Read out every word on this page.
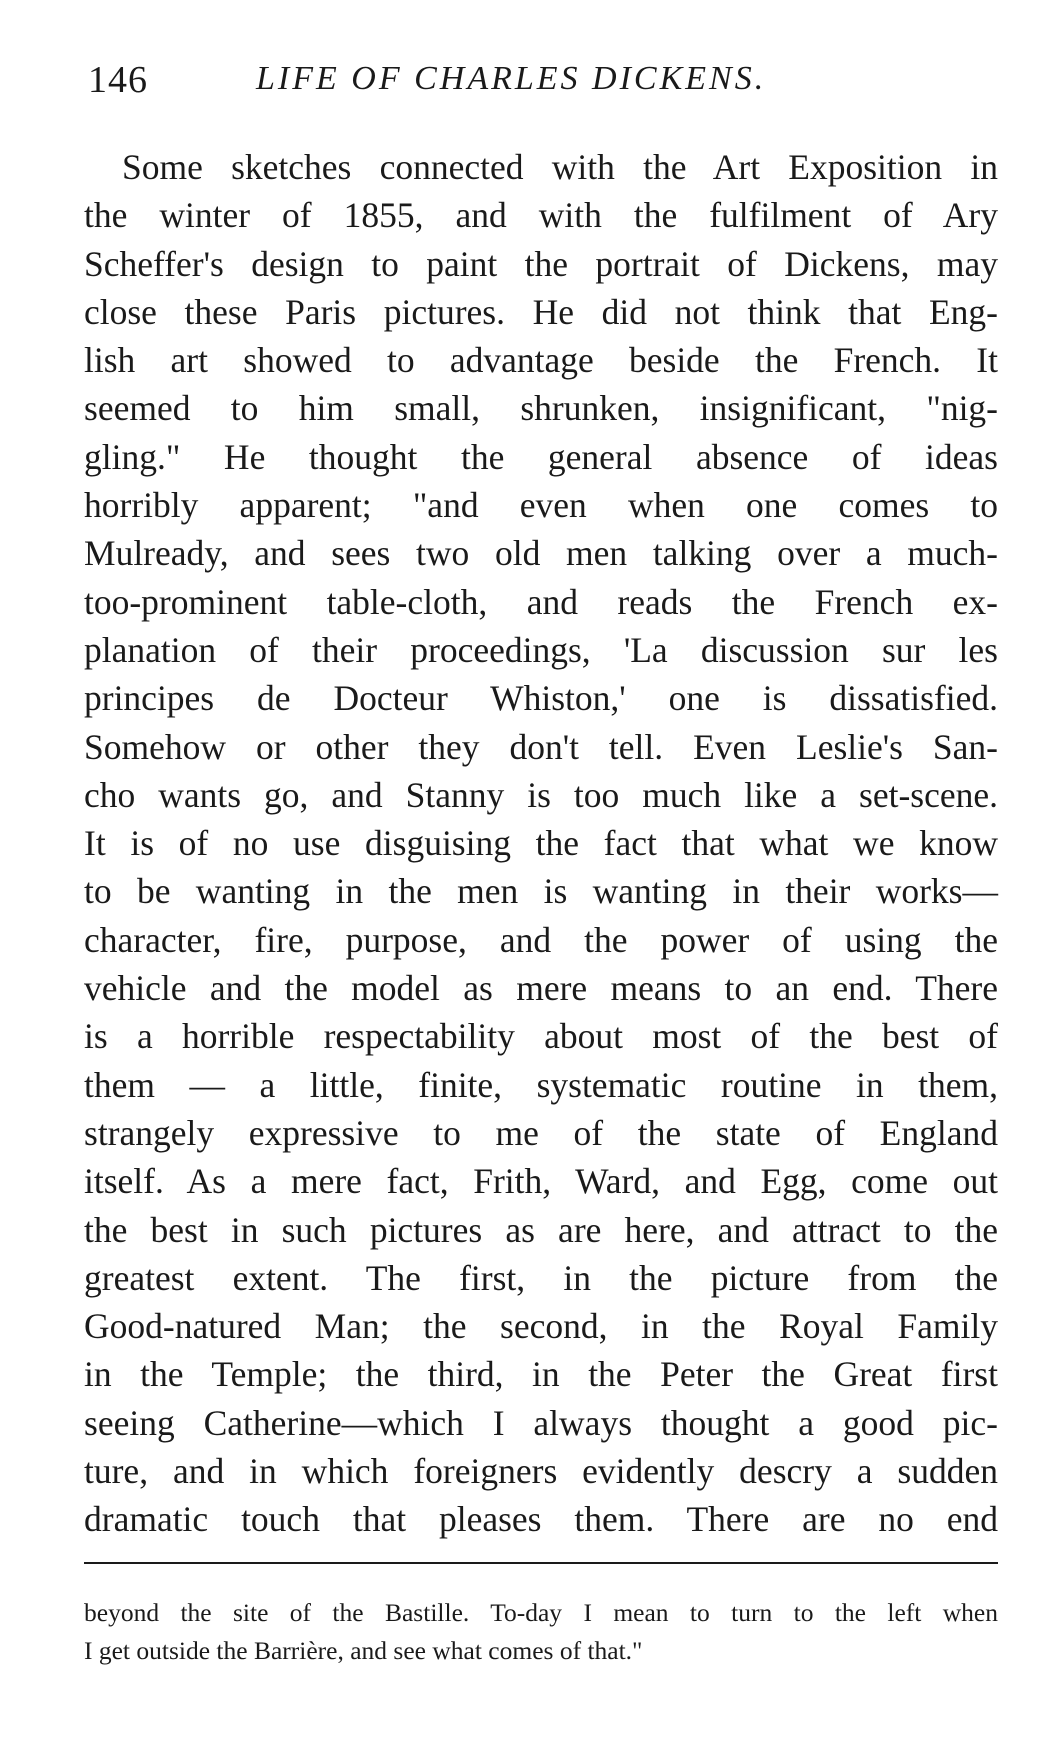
146	LIFE OF CHARLES DICKENS.
Some sketches connected with the Art Exposition in
the winter of 1855, and with the fulfilment of Ary
Scheffer's design to paint the portrait of Dickens, may
close these Paris pictures. He did not think that Eng-
lish art showed to advantage beside the French. It
seemed to him small, shrunken, insignificant, "nig-
gling." He thought the general absence of ideas
horribly apparent; "and even when one comes to
Mulready, and sees two old men talking over a much-
too-prominent table-cloth, and reads the French ex-
planation of their proceedings, 'La discussion sur les
principes de Docteur Whiston,' one is dissatisfied.
Somehow or other they don't tell. Even Leslie's San-
cho wants go, and Stanny is too much like a set-scene.
It is of no use disguising the fact that what we know
to be wanting in the men is wanting in their works—
character, fire, purpose, and the power of using the
vehicle and the model as mere means to an end. There
is a horrible respectability about most of the best of
them — a little, finite, systematic routine in them,
strangely expressive to me of the state of England
itself. As a mere fact, Frith, Ward, and Egg, come out
the best in such pictures as are here, and attract to the
greatest extent. The first, in the picture from the
Good-natured Man; the second, in the Royal Family
in the Temple; the third, in the Peter the Great first
seeing Catherine—which I always thought a good pic-
ture, and in which foreigners evidently descry a sudden
dramatic touch that pleases them. There are no end
beyond the site of the Bastille. To-day I mean to turn to the left when
I get outside the Barrière, and see what comes of that."
